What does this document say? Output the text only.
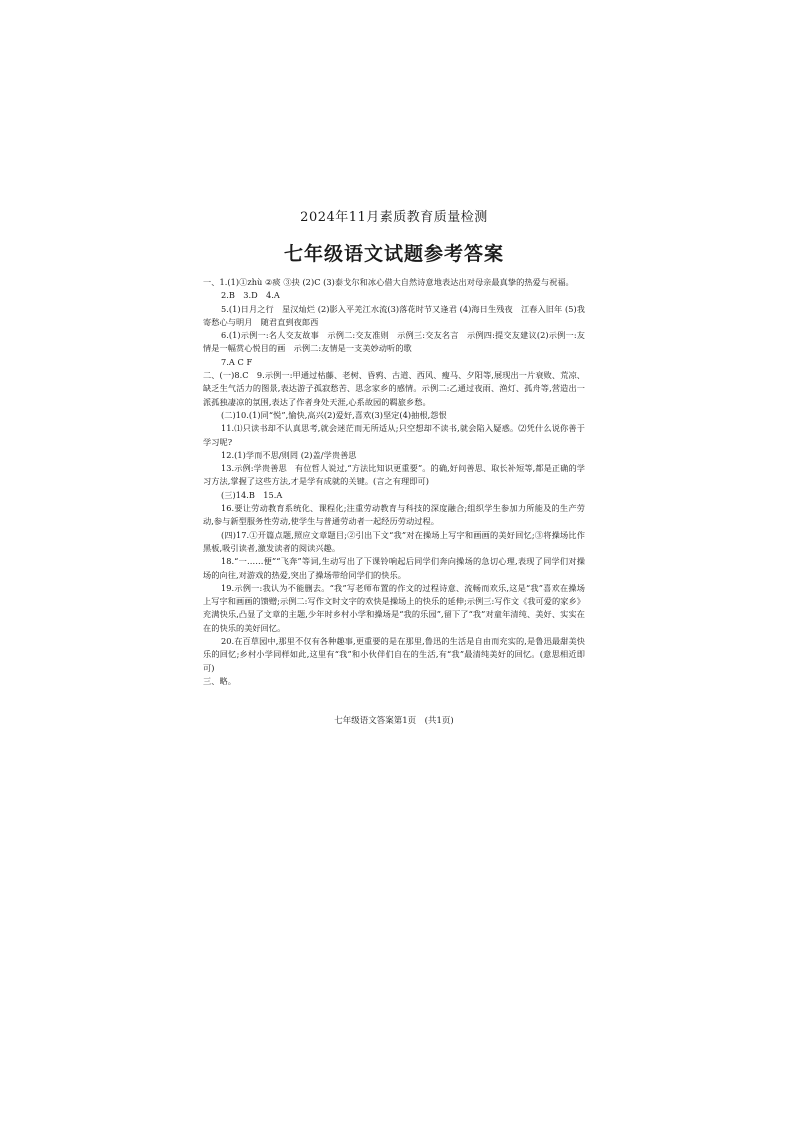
2024年11月素质教育质量检测
七年级语文试题参考答案

一、1.(1)①zhù ②痰 ③抉 (2)C (3)泰戈尔和冰心借大自然诗意地表达出对母亲最真挚的热爱与祝福。

2.B　3.D　4.A

5.(1)日月之行　星汉灿烂 (2)影入平羌江水流(3)落花时节又逢君 (4)海日生残夜　江春入旧年 (5)我寄愁心与明月　随君直到夜郎西

6.(1)示例一:名人交友故事　示例二:交友准则　示例三:交友名言　示例四:提交友建议(2)示例一:友情是一幅赏心悦目的画　示例二:友情是一支美妙动听的歌

7.A C F

二、(一)8.C　9.示例一:甲通过枯藤、老树、昏鸦、古道、西风、瘦马、夕阳等,展现出一片衰败、荒凉、缺乏生气活力的图景,表达游子孤寂愁苦、思念家乡的感情。示例二:乙通过夜雨、渔灯、孤舟等,营造出一派孤独凄凉的氛围,表达了作者身处天涯,心系故园的羁旅乡愁。

(二)10.(1)同“悦”,愉快,高兴(2)爱好,喜欢(3)坚定(4)抽根,怨恨

11.⑴只读书却不认真思考,就会迷茫而无所适从;只空想却不读书,就会陷入疑惑。⑵凭什么说你善于学习呢?

12.(1)学而不思/则罔 (2)盖/学贵善思

13.示例:学贵善思　有位哲人说过,“方法比知识更重要”。的确,好问善思、取长补短等,都是正确的学习方法,掌握了这些方法,才是学有成就的关键。(言之有理即可)

(三)14.B　15.A

16.要让劳动教育系统化、课程化;注重劳动教育与科技的深度融合;组织学生参加力所能及的生产劳动,参与新型服务性劳动,使学生与普通劳动者一起经历劳动过程。

(四)17.①开篇点题,照应文章题目;②引出下文“我”对在操场上写字和画画的美好回忆;③将操场比作黑板,吸引读者,激发读者的阅读兴趣。

18.“一……便”“飞奔”等词,生动写出了下课铃响起后同学们奔向操场的急切心理,表现了同学们对操场的向往,对游戏的热爱,突出了操场带给同学们的快乐。

19.示例一:我认为不能删去。“我”写老师布置的作文的过程诗意、流畅而欢乐,这是“我”喜欢在操场上写字和画画的馈赠;示例二:写作文时文字的欢快是操场上的快乐的延伸;示例三:写作文《我可爱的家乡》充满快乐,凸显了文章的主题,少年时乡村小学和操场是“我的乐园”,留下了“我”对童年清纯、美好、实实在在的快乐的美好回忆。

20.在百草园中,那里不仅有各种趣事,更重要的是在那里,鲁迅的生活是自由而充实的,是鲁迅最甜美快乐的回忆;乡村小学同样如此,这里有“我”和小伙伴们自在的生活,有“我”最清纯美好的回忆。(意思相近即可)

三、略。

七年级语文答案第1页　(共1页)
